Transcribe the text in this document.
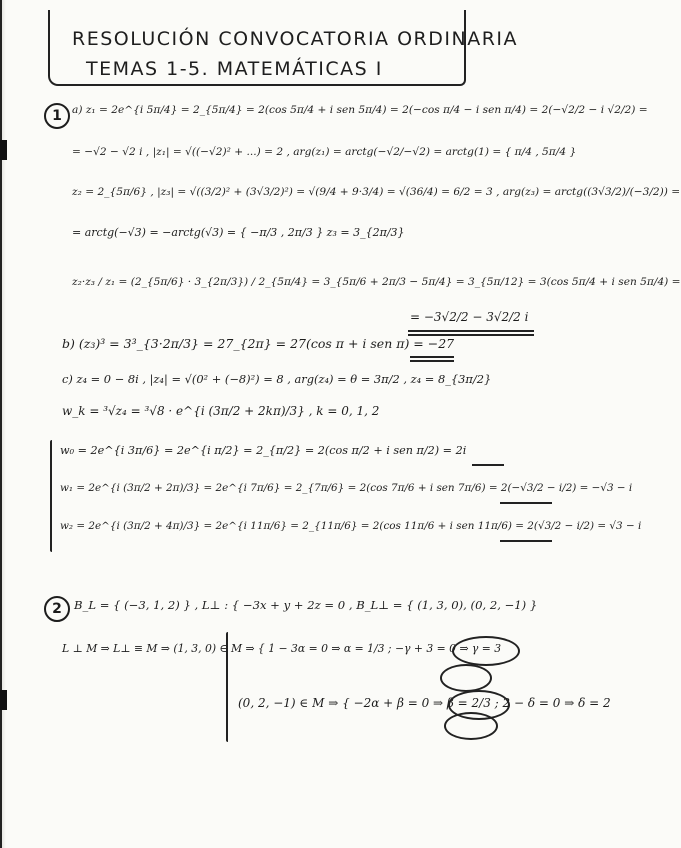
RESOLUCIÓN CONVOCATORIA ORDINARIA
TEMAS 1-5. MATEMÁTICAS I
1 a) z₁ = 2e^{i 5π/4} = 2_{5π/4} = 2(cos 5π/4 + i sen 5π/4) = 2(−cos π/4 − i sen π/4) = 2(−√2/2 − i √2/2) =
= −√2 − √2 i , |z₁| = √((−√2)² + ...) = 2 , arg(z₁) = arctg(−√2/−√2) = arctg(1) = { π/4 , 5π/4 }
z₂ = 2_{5π/6} , |z₃| = √((3/2)² + (3√3/2)²) = √(9/4 + 9·3/4) = √(36/4) = 6/2 = 3 , arg(z₃) = arctg((3√3/2)/(−3/2)) =
= arctg(−√3) = −arctg(√3) = { −π/3 , 2π/3 } z₃ = 3_{2π/3}
z₂·z₃ / z₁ = (2_{5π/6} · 3_{2π/3}) / 2_{5π/4} = 3_{5π/6 + 2π/3 − 5π/4} = 3_{5π/12} = 3(cos 5π/4 + i sen 5π/4) =
= −3√2/2 − 3√2/2 i
b) (z₃)³ = 3³_{3·2π/3} = 27_{2π} = 27(cos π + i sen π) = −27
c) z₄ = 0 − 8i , |z₄| = √(0² + (−8)²) = 8 , arg(z₄) = θ = 3π/2 , z₄ = 8_{3π/2}
w_k = ³√z₄ = ³√8 · e^{i (3π/2 + 2kπ)/3} , k = 0, 1, 2
w₀ = 2e^{i 3π/6} = 2e^{i π/2} = 2_{π/2} = 2(cos π/2 + i sen π/2) = 2i
w₁ = 2e^{i (3π/2 + 2π)/3} = 2e^{i 7π/6} = 2_{7π/6} = 2(cos 7π/6 + i sen 7π/6) = 2(−√3/2 − i/2) = −√3 − i
w₂ = 2e^{i (3π/2 + 4π)/3} = 2e^{i 11π/6} = 2_{11π/6} = 2(cos 11π/6 + i sen 11π/6) = 2(√3/2 − i/2) = √3 − i
2	B_L = { (−3, 1, 2) } , L⊥ : { −3x + y + 2z = 0 , B_L⊥ = { (1, 3, 0), (0, 2, −1) }
L ⊥ M ⇒ L⊥ ≡ M ⇒ (1, 3, 0) ∈ M ⇒ { 1 − 3α = 0 ⇒ α = 1/3 ; −γ + 3 = 0 ⇒ γ = 3
(0, 2, −1) ∈ M ⇒ { −2α + β = 0 ⇒ β = 2/3 ; 2 − δ = 0 ⇒ δ = 2
